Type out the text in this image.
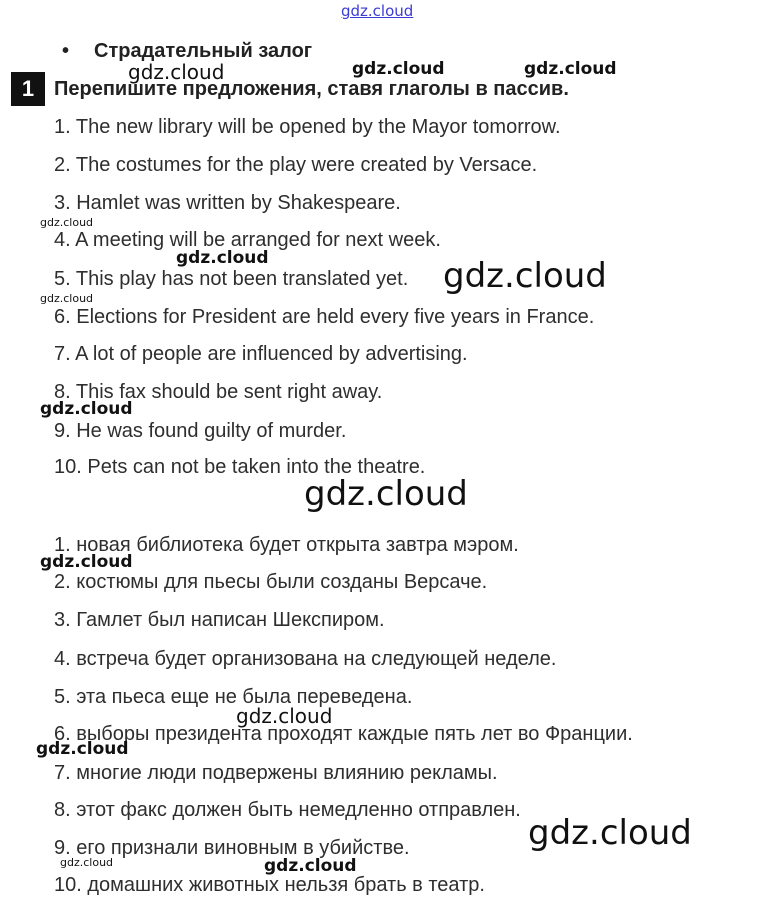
gdz.cloud
• Страдательный залог
1 Перепишите предложения, ставя глаголы в пассив.
1. The new library will be opened by the Mayor tomorrow.
2. The costumes for the play were created by Versace.
3. Hamlet was written by Shakespeare.
4. A meeting will be arranged for next week.
5. This play has not been translated yet.
6. Elections for President are held every five years in France.
7. A lot of people are influenced by advertising.
8. This fax should be sent right away.
9. He was found guilty of murder.
10. Pets can not be taken into the theatre.
1. новая библиотека будет открыта завтра мэром.
2. костюмы для пьесы были созданы Версаче.
3. Гамлет был написан Шекспиром.
4. встреча будет организована на следующей неделе.
5. эта пьеса еще не была переведена.
6. выборы президента проходят каждые пять лет во Франции.
7. многие люди подвержены влиянию рекламы.
8. этот факс должен быть немедленно отправлен.
9. его признали виновным в убийстве.
10. домашних животных нельзя брать в театр.
gdz.cloud	gdz.cloud	gdz.cloud
gdz.cloud
gdz.cloud	gdz.cloud
gdz.cloud
gdz.cloud
gdz.cloud
gdz.cloud
gdz.cloud
gdz.cloud
gdz.cloud
gdz.cloud	gdz.cloud
